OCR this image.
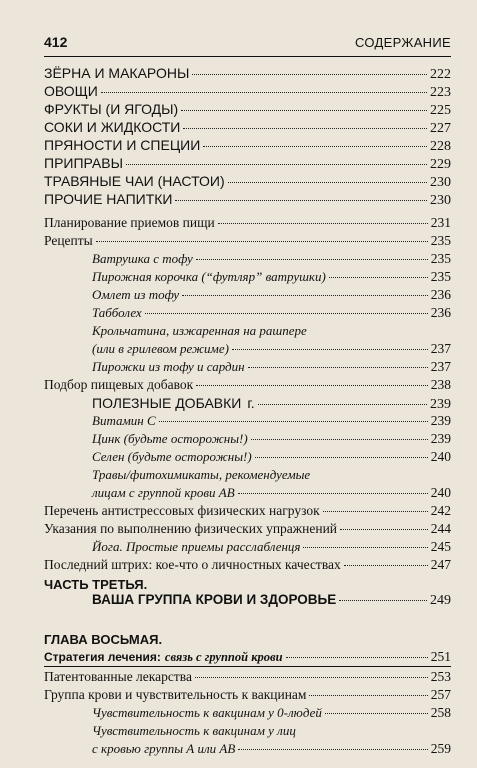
412	СОДЕРЖАНИЕ
ЗЁРНА И МАКАРОНЫ	222
ОВОЩИ	223
ФРУКТЫ (И ЯГОДЫ)	225
СОКИ И ЖИДКОСТИ	227
ПРЯНОСТИ И СПЕЦИИ	228
ПРИПРАВЫ	229
ТРАВЯНЫЕ ЧАИ (НАСТОИ)	230
ПРОЧИЕ НАПИТКИ	230
Планирование приемов пищи	231
Рецепты	235
Ватрушка с тофу	235
Пирожная корочка (“футляр” ватрушки)	235
Омлет из тофу	236
Табболех	236
Крольчатина, изжаренная на рашпере
(или в грилевом режиме)	237
Пирожки из тофу и сардин	237
Подбор пищевых добавок	238
ПОЛЕЗНЫЕ ДОБАВКИ г.	239
Витамин С	239
Цинк (будьте осторожны!)	239
Селен (будьте осторожны!)	240
Травы/фитохимикаты, рекомендуемые
лицам с группой крови АВ	240
Перечень антистрессовых физических нагрузок	242
Указания по выполнению физических упражнений	244
Йога. Простые приемы расслабленця	245
Последний штрих: кое-что о личностных качествах	247
ЧАСТЬ ТРЕТЬЯ.
ВАША ГРУППА КРОВИ И ЗДОРОВЬЕ	249
ГЛАВА ВОСЬМАЯ.
Стратегия лечения: связь с группой крови	251
Патентованные лекарства	253
Группа крови и чувствительность к вакцинам	257
Чувствительность к вакцинам у 0-людей	258
Чувствительность к вакцинам у лиц
с кровью группы А или АВ	259
